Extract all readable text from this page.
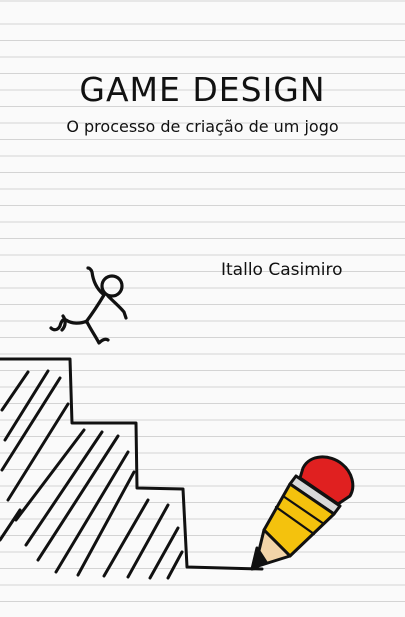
GAME DESIGN

O processo de criação de um jogo

Itallo Casimiro
